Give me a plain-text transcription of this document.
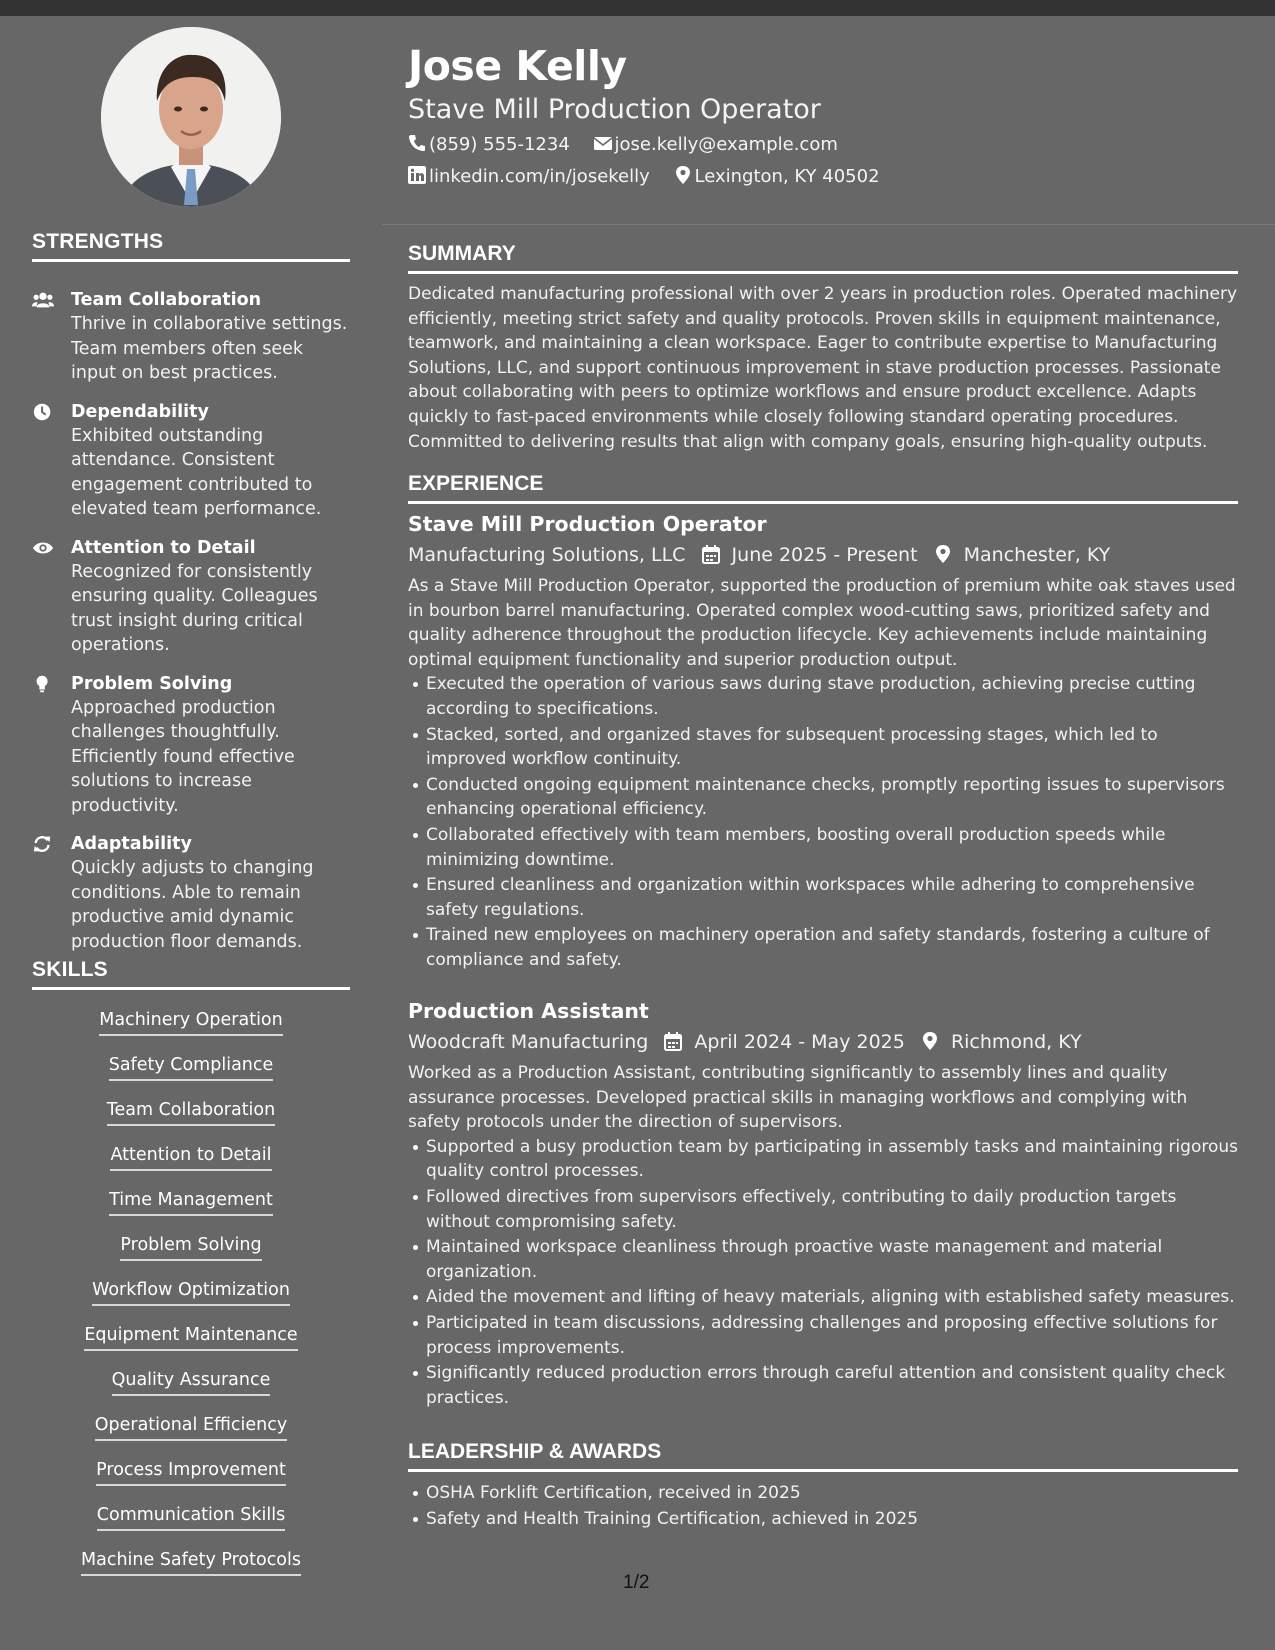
STRENGTHS
Team Collaboration
Thrive in collaborative settings. Team members often seek input on best practices.
Dependability
Exhibited outstanding attendance. Consistent engagement contributed to elevated team performance.
Attention to Detail
Recognized for consistently ensuring quality. Colleagues trust insight during critical operations.
Problem Solving
Approached production challenges thoughtfully. Efficiently found effective solutions to increase productivity.
Adaptability
Quickly adjusts to changing conditions. Able to remain productive amid dynamic production floor demands.
SKILLS
Machinery Operation
Safety Compliance
Team Collaboration
Attention to Detail
Time Management
Problem Solving
Workflow Optimization
Equipment Maintenance
Quality Assurance
Operational Efficiency
Process Improvement
Communication Skills
Machine Safety Protocols
Jose Kelly
Stave Mill Production Operator
(859) 555-1234 jose.kelly@example.com
linkedin.com/in/josekelly Lexington, KY 40502
SUMMARY
Dedicated manufacturing professional with over 2 years in production roles. Operated machinery efficiently, meeting strict safety and quality protocols. Proven skills in equipment maintenance, teamwork, and maintaining a clean workspace. Eager to contribute expertise to Manufacturing Solutions, LLC, and support continuous improvement in stave production processes. Passionate about collaborating with peers to optimize workflows and ensure product excellence. Adapts quickly to fast-paced environments while closely following standard operating procedures. Committed to delivering results that align with company goals, ensuring high-quality outputs.
EXPERIENCE
Stave Mill Production Operator
Manufacturing Solutions, LLC June 2025 - Present Manchester, KY
As a Stave Mill Production Operator, supported the production of premium white oak staves used in bourbon barrel manufacturing. Operated complex wood-cutting saws, prioritized safety and quality adherence throughout the production lifecycle. Key achievements include maintaining optimal equipment functionality and superior production output.
Executed the operation of various saws during stave production, achieving precise cutting according to specifications.
Stacked, sorted, and organized staves for subsequent processing stages, which led to improved workflow continuity.
Conducted ongoing equipment maintenance checks, promptly reporting issues to supervisors enhancing operational efficiency.
Collaborated effectively with team members, boosting overall production speeds while minimizing downtime.
Ensured cleanliness and organization within workspaces while adhering to comprehensive safety regulations.
Trained new employees on machinery operation and safety standards, fostering a culture of compliance and safety.
Production Assistant
Woodcraft Manufacturing April 2024 - May 2025 Richmond, KY
Worked as a Production Assistant, contributing significantly to assembly lines and quality assurance processes. Developed practical skills in managing workflows and complying with safety protocols under the direction of supervisors.
Supported a busy production team by participating in assembly tasks and maintaining rigorous quality control processes.
Followed directives from supervisors effectively, contributing to daily production targets without compromising safety.
Maintained workspace cleanliness through proactive waste management and material organization.
Aided the movement and lifting of heavy materials, aligning with established safety measures.
Participated in team discussions, addressing challenges and proposing effective solutions for process improvements.
Significantly reduced production errors through careful attention and consistent quality check practices.
LEADERSHIP & AWARDS
OSHA Forklift Certification, received in 2025
Safety and Health Training Certification, achieved in 2025
1/2
